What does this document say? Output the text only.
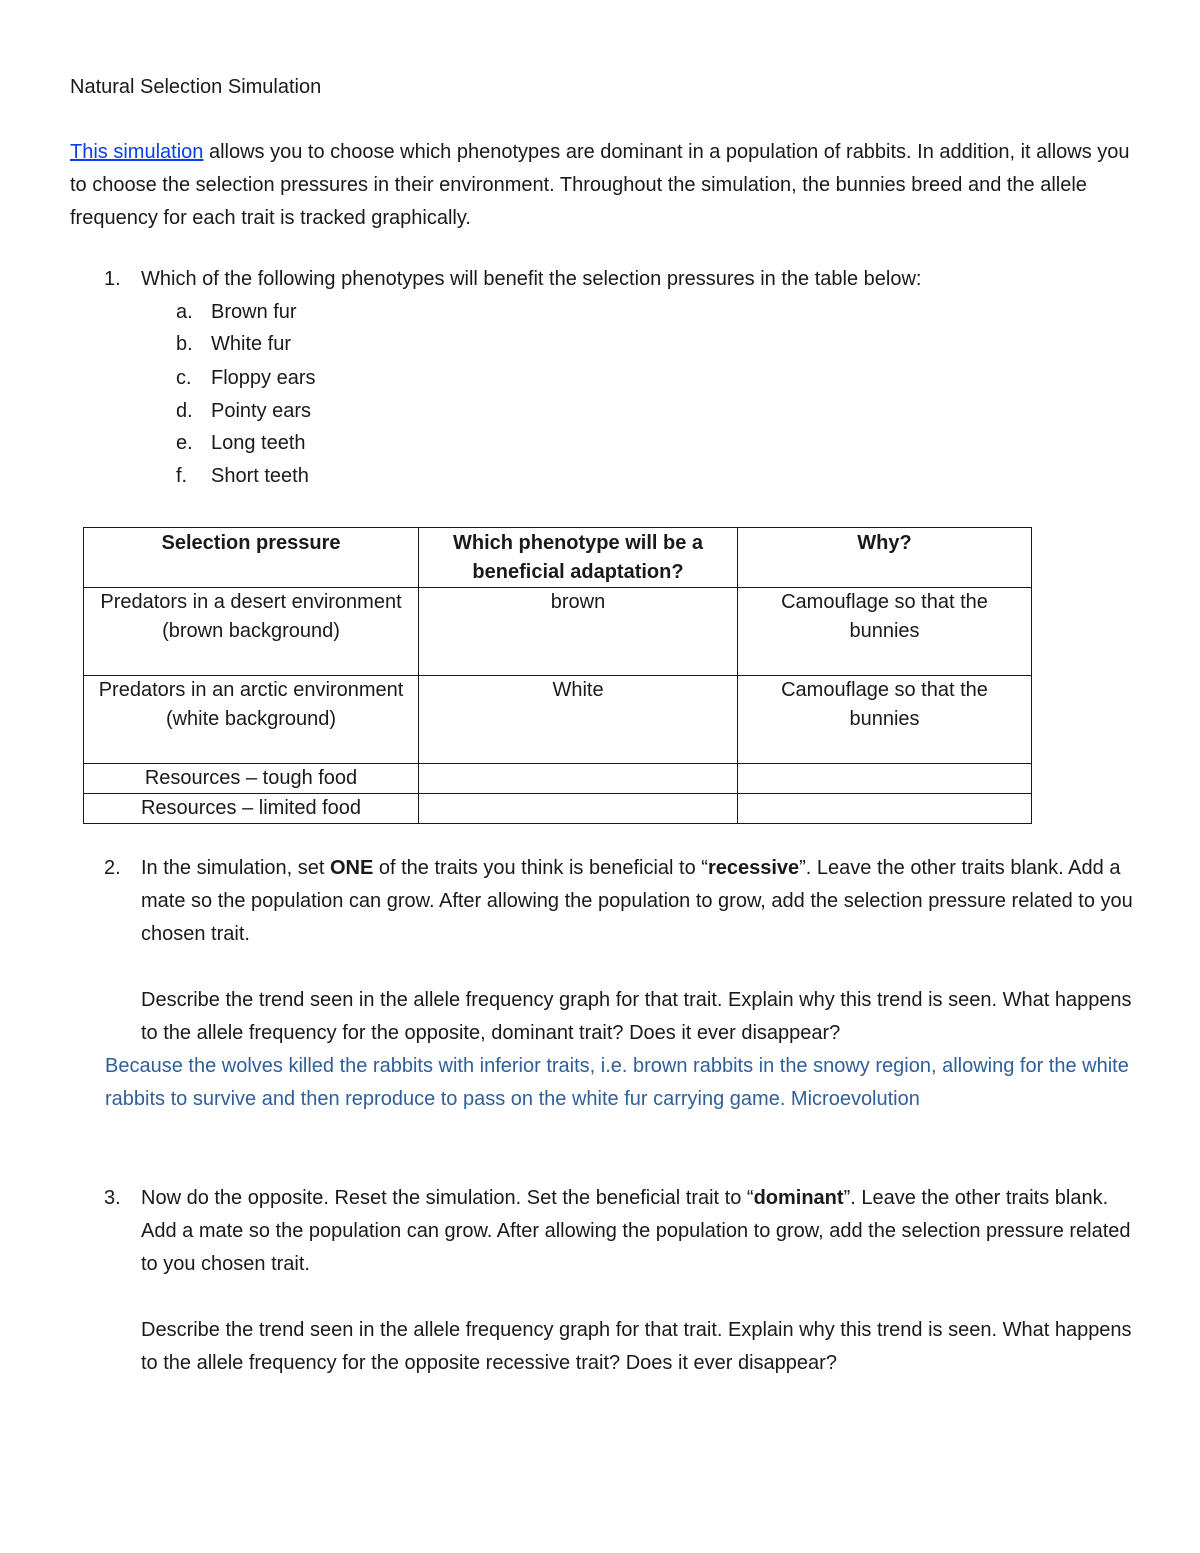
Natural Selection Simulation
This simulation allows you to choose which phenotypes are dominant in a population of rabbits. In addition, it allows you to choose the selection pressures in their environment. Throughout the simulation, the bunnies breed and the allele frequency for each trait is tracked graphically.
1. Which of the following phenotypes will benefit the selection pressures in the table below:
a. Brown fur
b. White fur
c. Floppy ears
d. Pointy ears
e. Long teeth
f. Short teeth
Selection pressure	Which phenotype will be a beneficial adaptation?	Why?
Predators in a desert environment (brown background)	brown	Camouflage so that the bunnies
Predators in an arctic environment (white background)	White	Camouflage so that the bunnies
Resources – tough food		
Resources – limited food		
2. In the simulation, set ONE of the traits you think is beneficial to “recessive”. Leave the other traits blank. Add a mate so the population can grow. After allowing the population to grow, add the selection pressure related to you chosen trait.
Describe the trend seen in the allele frequency graph for that trait. Explain why this trend is seen. What happens to the allele frequency for the opposite, dominant trait? Does it ever disappear?
Because the wolves killed the rabbits with inferior traits, i.e. brown rabbits in the snowy region, allowing for the white rabbits to survive and then reproduce to pass on the white fur carrying game. Microevolution
3. Now do the opposite. Reset the simulation. Set the beneficial trait to “dominant”. Leave the other traits blank. Add a mate so the population can grow. After allowing the population to grow, add the selection pressure related to you chosen trait.
Describe the trend seen in the allele frequency graph for that trait. Explain why this trend is seen. What happens to the allele frequency for the opposite recessive trait? Does it ever disappear?
